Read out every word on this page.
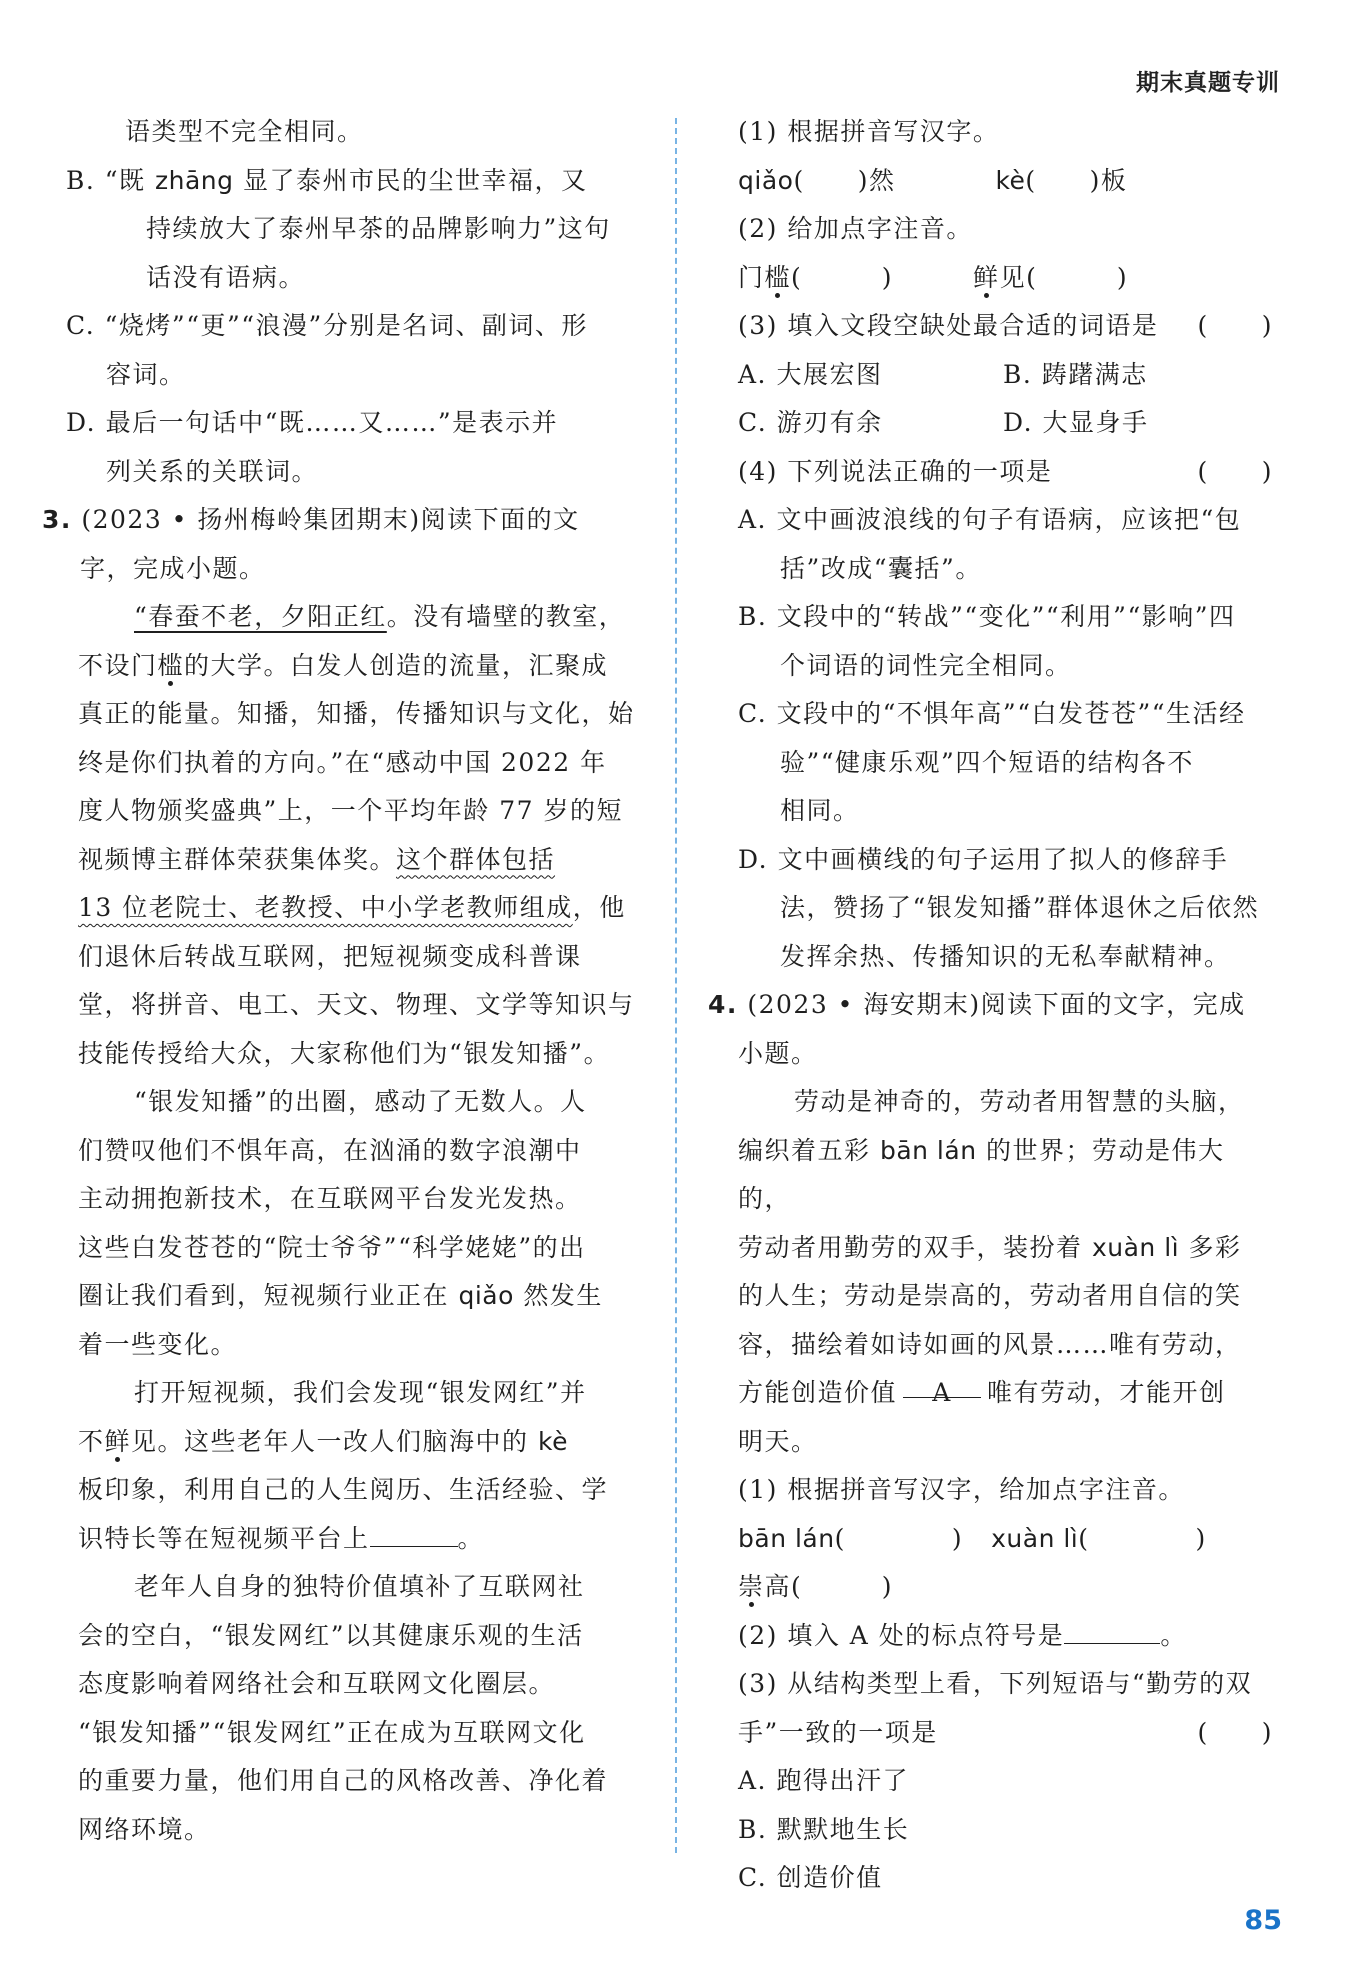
期末真题专训

语类型不完全相同。

B. “既 zhāng 显了泰州市民的尘世幸福，又

持续放大了泰州早茶的品牌影响力”这句

话没有语病。

C. “烧烤”“更”“浪漫”分别是名词、副词、形

容词。

D. 最后一句话中“既……又……”是表示并

列关系的关联词。

3. (2023 • 扬州梅岭集团期末)阅读下面的文

字，完成小题。

“春蚕不老，夕阳正红。没有墙壁的教室，

不设门槛的大学。白发人创造的流量，汇聚成

真正的能量。知播，知播，传播知识与文化，始

终是你们执着的方向。”在“感动中国 2022 年

度人物颁奖盛典”上，一个平均年龄 77 岁的短

视频博主群体荣获集体奖。这个群体包括

13 位老院士、老教授、中小学老教师组成，他

们退休后转战互联网，把短视频变成科普课

堂，将拼音、电工、天文、物理、文学等知识与

技能传授给大众，大家称他们为“银发知播”。

“银发知播”的出圈，感动了无数人。人

们赞叹他们不惧年高，在汹涌的数字浪潮中

主动拥抱新技术，在互联网平台发光发热。

这些白发苍苍的“院士爷爷”“科学姥姥”的出

圈让我们看到，短视频行业正在 qiǎo 然发生

着一些变化。

打开短视频，我们会发现“银发网红”并

不鲜见。这些老年人一改人们脑海中的 kè

板印象，利用自己的人生阅历、生活经验、学

识特长等在短视频平台上	。

老年人自身的独特价值填补了互联网社

会的空白，“银发网红”以其健康乐观的生活

态度影响着网络社会和互联网文化圈层。

“银发知播”“银发网红”正在成为互联网文化

的重要力量，他们用自己的风格改善、净化着

网络环境。

(1) 根据拼音写汉字。

qiǎo(　　)然	kè(　　)板

(2) 给加点字注音。

门槛(　　　)	鲜见(　　　)

(3) 填入文段空缺处最合适的词语是 (　　)

A. 大展宏图	B. 踌躇满志

C. 游刃有余	D. 大显身手

(4) 下列说法正确的一项是	(　　)

A. 文中画波浪线的句子有语病，应该把“包

括”改成“囊括”。

B. 文段中的“转战”“变化”“利用”“影响”四

个词语的词性完全相同。

C. 文段中的“不惧年高”“白发苍苍”“生活经

验”“健康乐观”四个短语的结构各不

相同。

D. 文中画横线的句子运用了拟人的修辞手

法，赞扬了“银发知播”群体退休之后依然

发挥余热、传播知识的无私奉献精神。

4. (2023 • 海安期末)阅读下面的文字，完成

小题。

劳动是神奇的，劳动者用智慧的头脑，

编织着五彩 bān lán 的世界；劳动是伟大的，

劳动者用勤劳的双手，装扮着 xuàn lì 多彩

的人生；劳动是崇高的，劳动者用自信的笑

容，描绘着如诗如画的风景……唯有劳动，

方能创造价值 A 唯有劳动，才能开创

明天。

(1) 根据拼音写汉字，给加点字注音。

bān lán(　　　　) xuàn lì(　　　　)

崇高(　　　)

(2) 填入 A 处的标点符号是	。

(3) 从结构类型上看，下列短语与“勤劳的双

手”一致的一项是	(　　)

A. 跑得出汗了

B. 默默地生长

C. 创造价值

85
